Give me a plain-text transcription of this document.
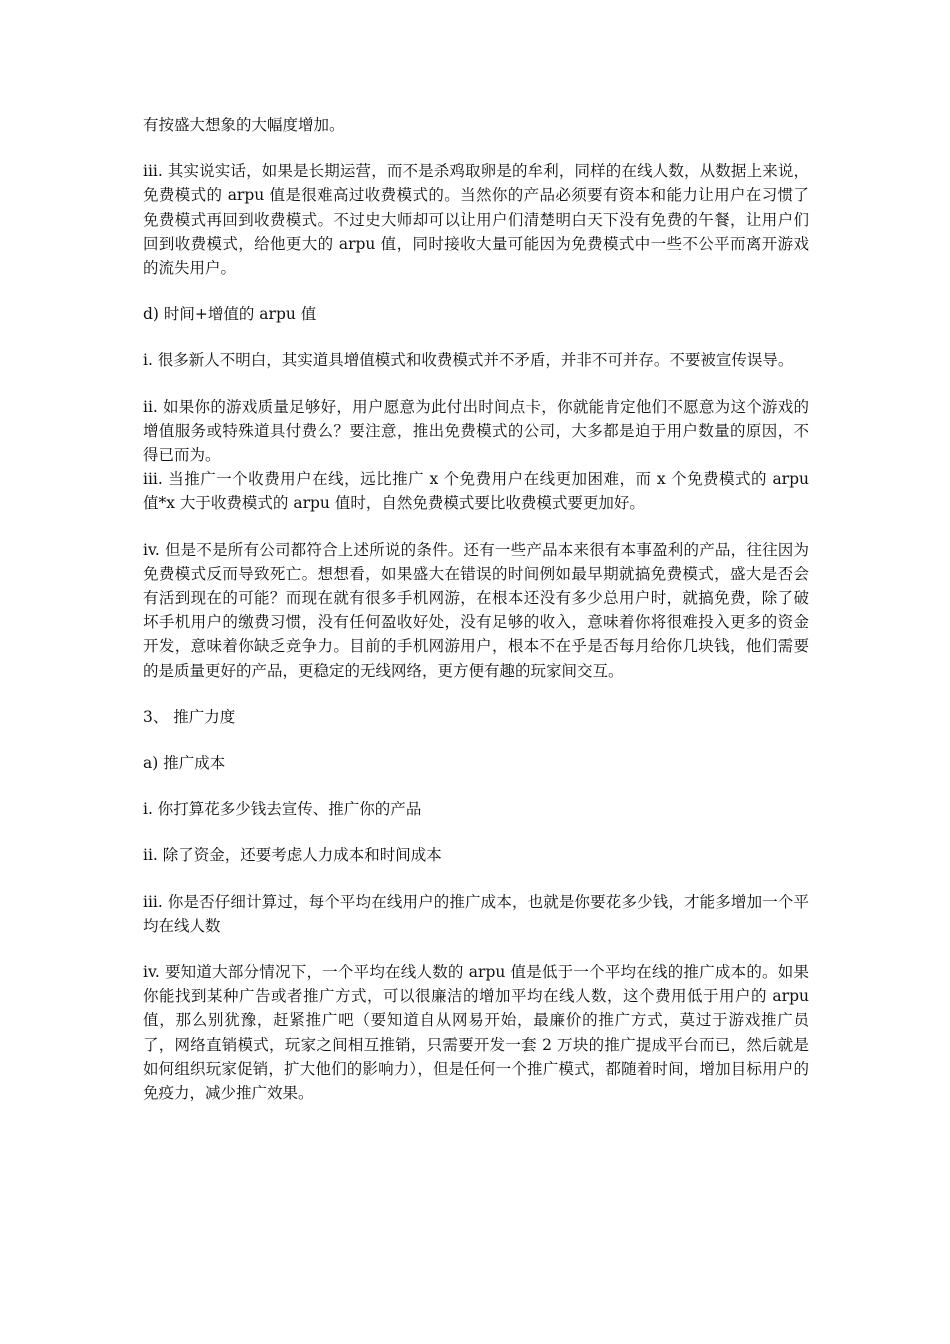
有按盛大想象的大幅度增加。

iii. 其实说实话，如果是长期运营，而不是杀鸡取卵是的牟利，同样的在线人数，从数据上来说，免费模式的 arpu 值是很难高过收费模式的。当然你的产品必须要有资本和能力让用户在习惯了免费模式再回到收费模式。不过史大师却可以让用户们清楚明白天下没有免费的午餐，让用户们回到收费模式，给他更大的 arpu 值，同时接收大量可能因为免费模式中一些不公平而离开游戏的流失用户。

d) 时间+增值的 arpu 值

i. 很多新人不明白，其实道具增值模式和收费模式并不矛盾，并非不可并存。不要被宣传误导。

ii. 如果你的游戏质量足够好，用户愿意为此付出时间点卡，你就能肯定他们不愿意为这个游戏的增值服务或特殊道具付费么？要注意，推出免费模式的公司，大多都是迫于用户数量的原因，不得已而为。

iii. 当推广一个收费用户在线，远比推广 x 个免费用户在线更加困难，而 x 个免费模式的 arpu 值*x 大于收费模式的 arpu 值时，自然免费模式要比收费模式要更加好。

iv. 但是不是所有公司都符合上述所说的条件。还有一些产品本来很有本事盈利的产品，往往因为免费模式反而导致死亡。想想看，如果盛大在错误的时间例如最早期就搞免费模式，盛大是否会有活到现在的可能？而现在就有很多手机网游，在根本还没有多少总用户时，就搞免费，除了破坏手机用户的缴费习惯，没有任何盈收好处，没有足够的收入，意味着你将很难投入更多的资金开发，意味着你缺乏竞争力。目前的手机网游用户，根本不在乎是否每月给你几块钱，他们需要的是质量更好的产品，更稳定的无线网络，更方便有趣的玩家间交互。

3、 推广力度

a) 推广成本

i. 你打算花多少钱去宣传、推广你的产品

ii. 除了资金，还要考虑人力成本和时间成本

iii. 你是否仔细计算过，每个平均在线用户的推广成本，也就是你要花多少钱，才能多增加一个平均在线人数

iv. 要知道大部分情况下，一个平均在线人数的 arpu 值是低于一个平均在线的推广成本的。如果你能找到某种广告或者推广方式，可以很廉洁的增加平均在线人数，这个费用低于用户的 arpu 值，那么别犹豫，赶紧推广吧（要知道自从网易开始，最廉价的推广方式，莫过于游戏推广员了，网络直销模式，玩家之间相互推销，只需要开发一套 2 万块的推广提成平台而已，然后就是如何组织玩家促销，扩大他们的影响力），但是任何一个推广模式，都随着时间，增加目标用户的免疫力，减少推广效果。
